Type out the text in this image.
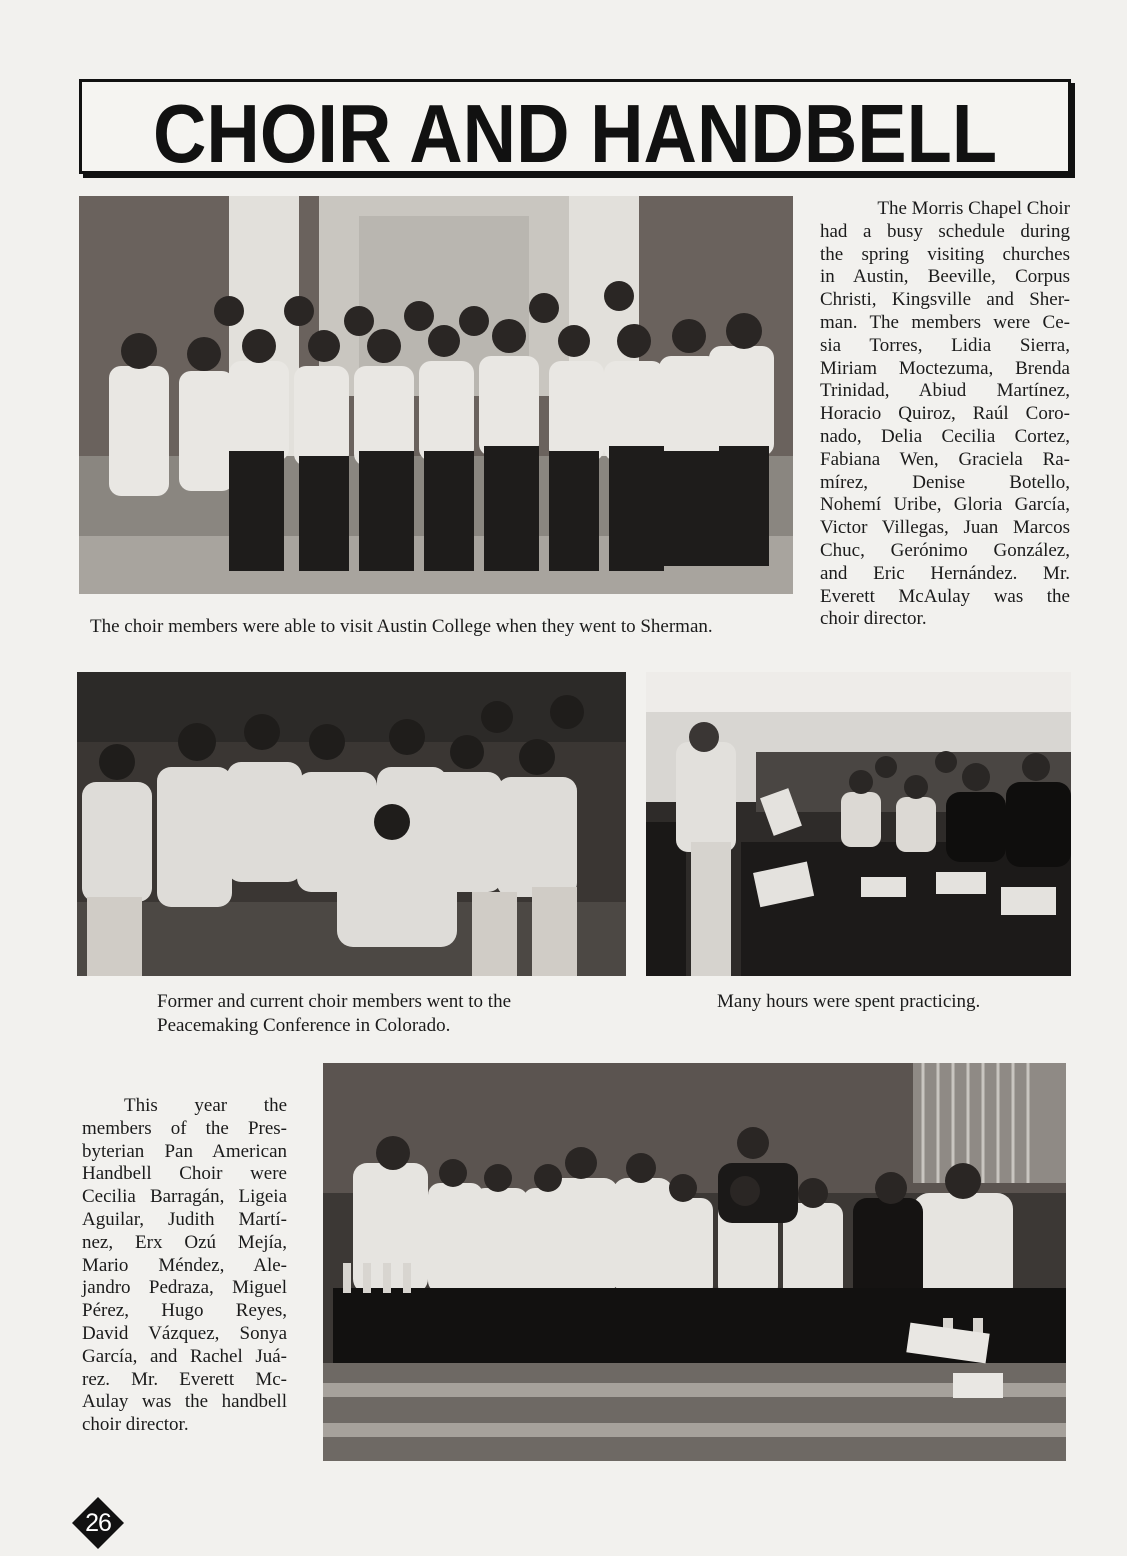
CHOIR AND HANDBELL
The choir members were able to visit Austin College when they went to Sherman.
The Morris Chapel Choir
had a busy schedule during
the spring visiting churches
in Austin, Beeville, Corpus
Christi, Kingsville and Sher-
man. The members were Ce-
sia Torres, Lidia Sierra,
Miriam Moctezuma, Brenda
Trinidad, Abiud Martínez,
Horacio Quiroz, Raúl Coro-
nado, Delia Cecilia Cortez,
Fabiana Wen, Graciela Ra-
mírez, Denise Botello,
Nohemí Uribe, Gloria García,
Victor Villegas, Juan Marcos
Chuc, Gerónimo González,
and Eric Hernández. Mr.
Everett McAulay was the
choir director.
Former and current choir members went to the
Peacemaking Conference in Colorado.
Many hours were spent practicing.
This year the
members of the Pres-
byterian Pan American
Handbell Choir were
Cecilia Barragán, Ligeia
Aguilar, Judith Martí-
nez, Erx Ozú Mejía,
Mario Méndez, Ale-
jandro Pedraza, Miguel
Pérez, Hugo Reyes,
David Vázquez, Sonya
García, and Rachel Juá-
rez. Mr. Everett Mc-
Aulay was the handbell
choir director.
26
